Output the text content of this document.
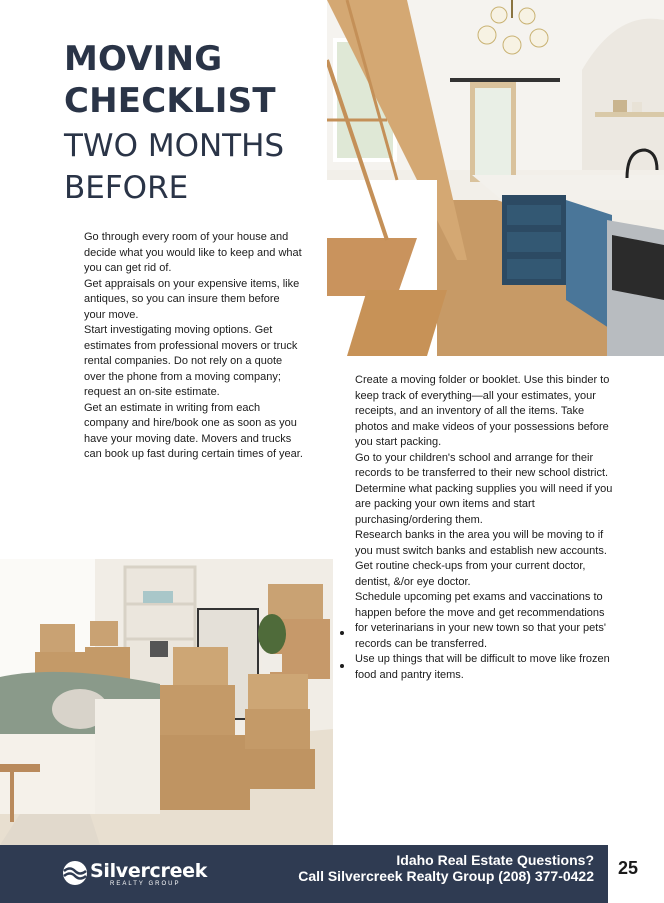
MOVING
CHECKLIST
TWO MONTHS
BEFORE

Go through every room of your house and decide what you would like to keep and what you can get rid of.

Get appraisals on your expensive items, like antiques, so you can insure them before your move.

Start investigating moving options. Get estimates from professional movers or truck rental companies. Do not rely on a quote over the phone from a moving company; request an on-site estimate.

Get an estimate in writing from each company and hire/book one as soon as you have your moving date. Movers and trucks can book up fast during certain times of year.

Create a moving folder or booklet. Use this binder to keep track of everything—all your estimates, your receipts, and an inventory of all the items. Take photos and make videos of your possessions before you start packing.

Go to your children's school and arrange for their records to be transferred to their new school district.

Determine what packing supplies you will need if you are packing your own items and start purchasing/ordering them.

Research banks in the area you will be moving to if you must switch banks and establish new accounts.

Get routine check-ups from your current doctor, dentist, &/or eye doctor.

Schedule upcoming pet exams and vaccinations to happen before the move and get recommendations for veterinarians in your new town so that your pets' records can be transferred.

Use up things that will be difficult to move like frozen food and pantry items.

Silvercreek
REALTY GROUP
Idaho Real Estate Questions?
Call Silvercreek Realty Group (208) 377-0422 25
